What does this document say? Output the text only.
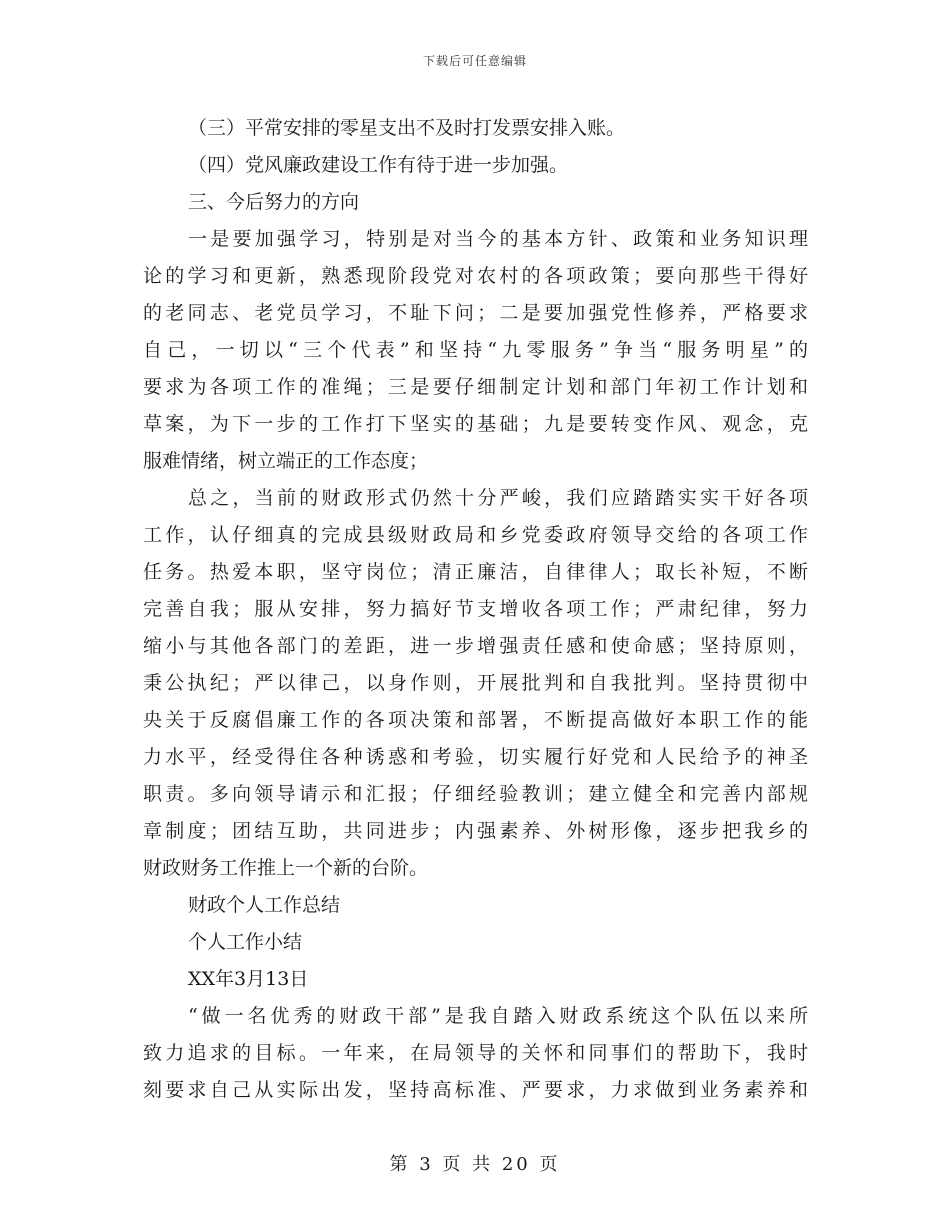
下载后可任意编辑
（三）平常安排的零星支出不及时打发票安排入账。
（四）党风廉政建设工作有待于进一步加强。
三、今后努力的方向
一是要加强学习，特别是对当今的基本方针、政策和业务知识理
论的学习和更新，熟悉现阶段党对农村的各项政策；要向那些干得好
的老同志、老党员学习，不耻下问；二是要加强党性修养，严格要求
自己，一切以“三个代表”和坚持“九零服务”争当“服务明星”的
要求为各项工作的准绳；三是要仔细制定计划和部门年初工作计划和
草案，为下一步的工作打下坚实的基础；九是要转变作风、观念，克
服难情绪，树立端正的工作态度；
总之，当前的财政形式仍然十分严峻，我们应踏踏实实干好各项
工作，认仔细真的完成县级财政局和乡党委政府领导交给的各项工作
任务。热爱本职，坚守岗位；清正廉洁，自律律人；取长补短，不断
完善自我；服从安排，努力搞好节支增收各项工作；严肃纪律，努力
缩小与其他各部门的差距，进一步增强责任感和使命感；坚持原则，
秉公执纪；严以律己，以身作则，开展批判和自我批判。坚持贯彻中
央关于反腐倡廉工作的各项决策和部署，不断提高做好本职工作的能
力水平，经受得住各种诱惑和考验，切实履行好党和人民给予的神圣
职责。多向领导请示和汇报；仔细经验教训；建立健全和完善内部规
章制度；团结互助，共同进步；内强素养、外树形像，逐步把我乡的
财政财务工作推上一个新的台阶。
财政个人工作总结
个人工作小结
XX年3月13日
“做一名优秀的财政干部”是我自踏入财政系统这个队伍以来所
致力追求的目标。一年来，在局领导的关怀和同事们的帮助下，我时
刻要求自己从实际出发，坚持高标准、严要求，力求做到业务素养和
第 3 页 共 20 页
